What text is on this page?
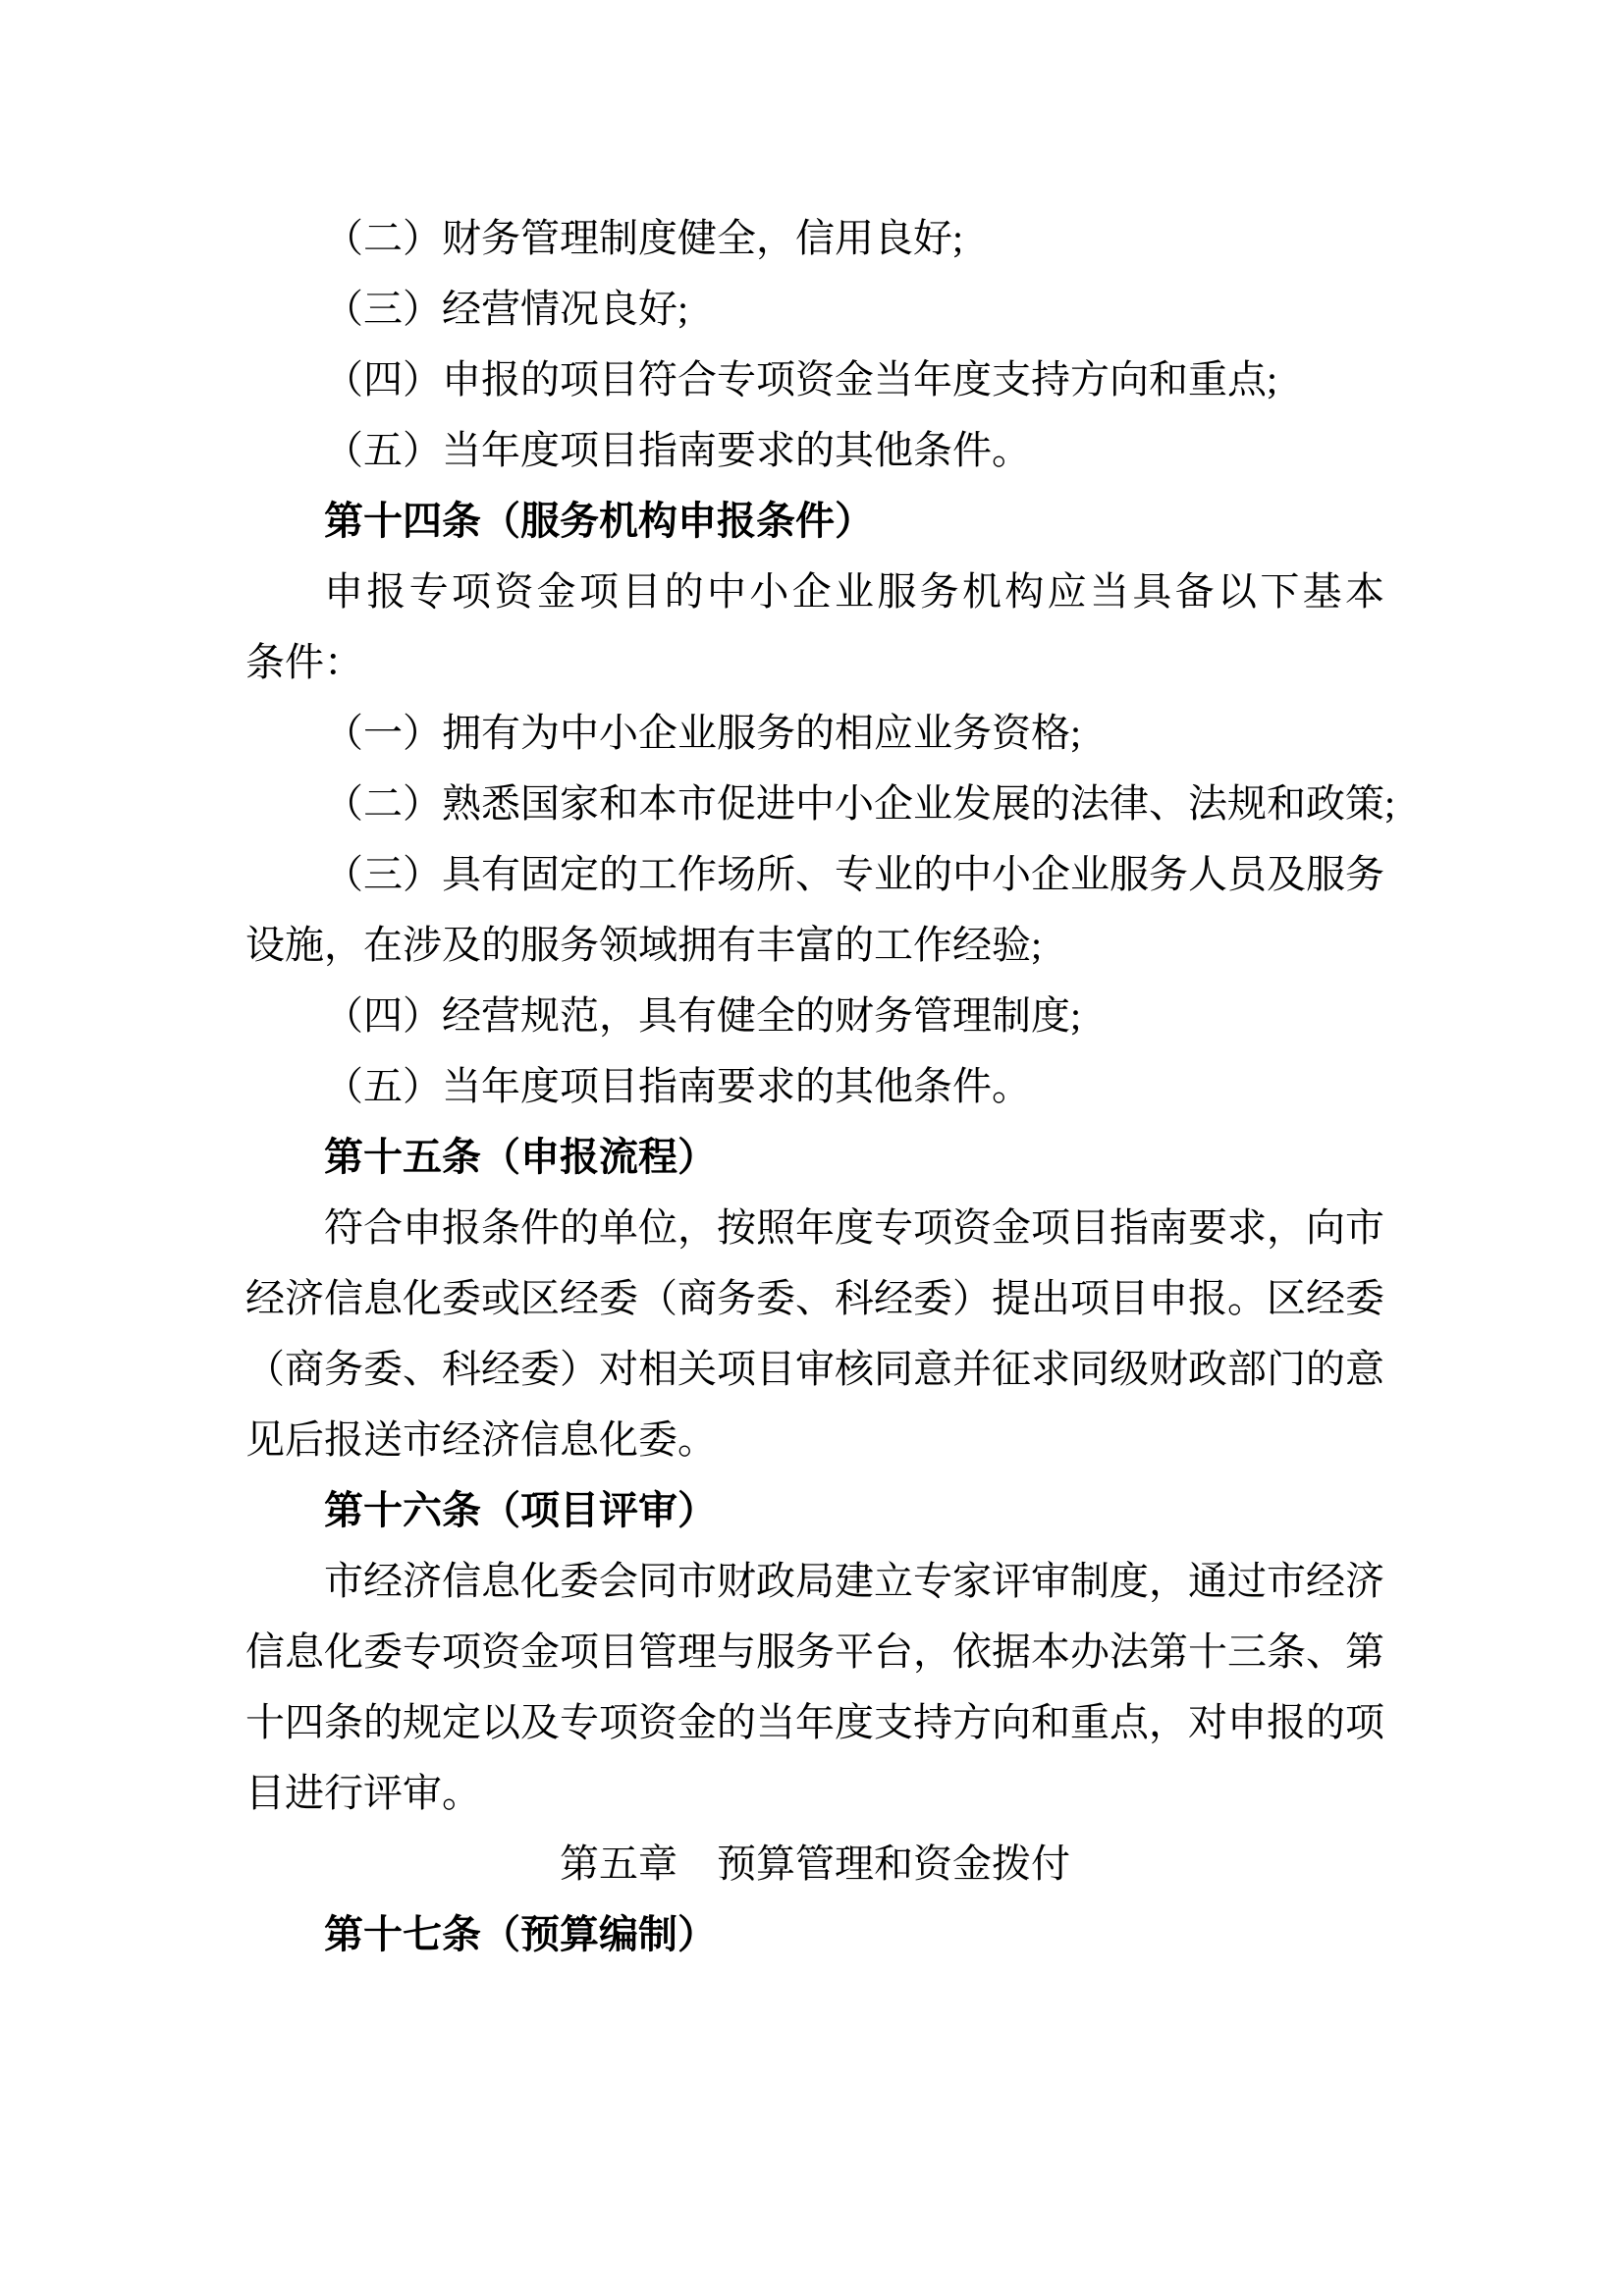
（二）财务管理制度健全，信用良好;
（三）经营情况良好;
（四）申报的项目符合专项资金当年度支持方向和重点;
（五）当年度项目指南要求的其他条件。
第十四条（服务机构申报条件）
申报专项资金项目的中小企业服务机构应当具备以下基本
条件：
（一）拥有为中小企业服务的相应业务资格;
（二）熟悉国家和本市促进中小企业发展的法律、法规和政策;
（三）具有固定的工作场所、专业的中小企业服务人员及服务
设施，在涉及的服务领域拥有丰富的工作经验;
（四）经营规范，具有健全的财务管理制度;
（五）当年度项目指南要求的其他条件。
第十五条（申报流程）
符合申报条件的单位，按照年度专项资金项目指南要求，向市
经济信息化委或区经委（商务委、科经委）提出项目申报。区经委
（商务委、科经委）对相关项目审核同意并征求同级财政部门的意
见后报送市经济信息化委。
第十六条（项目评审）
市经济信息化委会同市财政局建立专家评审制度，通过市经济
信息化委专项资金项目管理与服务平台，依据本办法第十三条、第
十四条的规定以及专项资金的当年度支持方向和重点，对申报的项
目进行评审。
第五章　预算管理和资金拨付
第十七条（预算编制）
